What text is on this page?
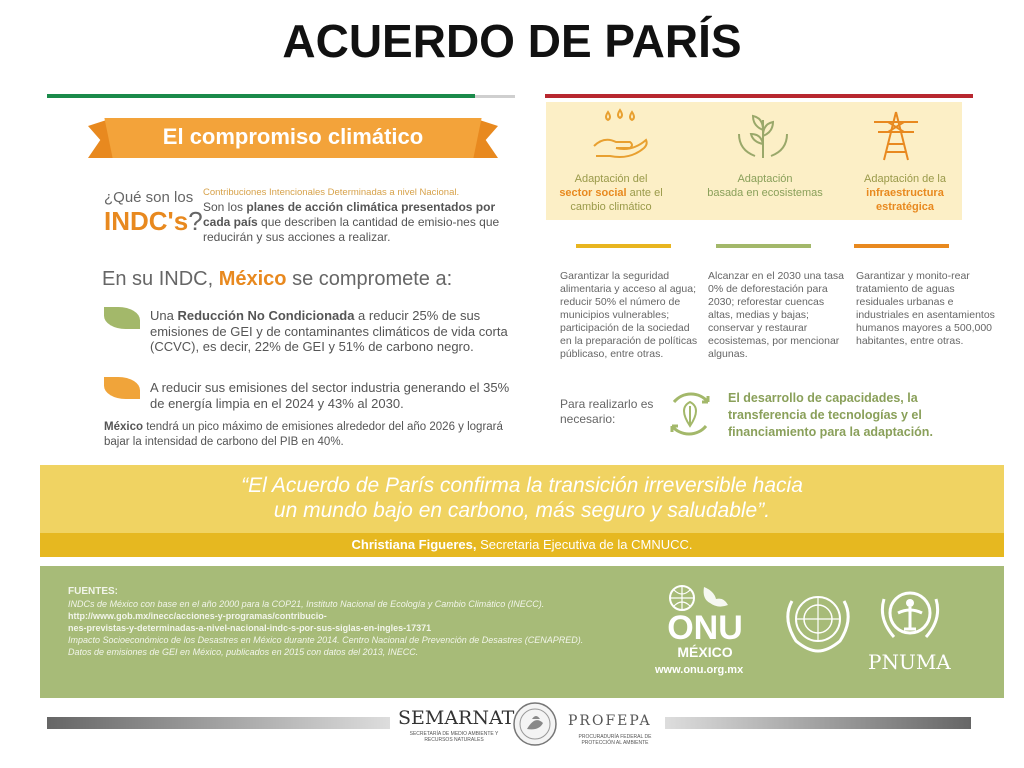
ACUERDO DE PARÍS
El compromiso climático
¿Qué son los
INDC's?
Contribuciones Intencionales Determinadas a nivel Nacional.
Son los planes de acción climática presentados por cada país que describen la cantidad de emisio-nes que reducirán y sus acciones a realizar.
En su INDC, México se compromete a:
Una Reducción No Condicionada a reducir 25% de sus emisiones de GEI y de contaminantes climáticos de vida corta (CCVC), es decir, 22% de GEI y 51% de carbono negro.
A reducir sus emisiones del sector industria generando el 35% de energía limpia en el 2024 y 43% al 2030.
México tendrá un pico máximo de emisiones alrededor del año 2026 y logrará bajar la intensidad de carbono del PIB en 40%.
Adaptación del
sector social ante el cambio climático
Adaptación
basada en ecosistemas
Adaptación de la
infraestructura estratégica
Garantizar la seguridad alimentaria y acceso al agua; reducir 50% el número de municipios vulnerables; participación de la sociedad en la preparación de políticas públicaso, entre otras.
Alcanzar en el 2030 una tasa 0% de deforestación para 2030; reforestar cuencas altas, medias y bajas; conservar y restaurar ecosistemas, por mencionar algunas.
Garantizar y monito-rear tratamiento de aguas residuales urbanas e industriales en asentamientos humanos mayores a 500,000 habitantes, entre otras.
Para realizarlo es necesario:
El desarrollo de capacidades, la transferencia de tecnologías y el financiamiento para la adaptación.
“El Acuerdo de París confirma la transición irreversible hacia
un mundo bajo en carbono, más seguro y saludable”.
Christiana Figueres, Secretaria Ejecutiva de la CMNUCC.
FUENTES:
INDCs de México con base en el año 2000 para la COP21, Instituto Nacional de Ecología y Cambio Climático (INECC).
http://www.gob.mx/inecc/acciones-y-programas/contribucio-
nes-previstas-y-determinadas-a-nivel-nacional-indc-s-por-sus-siglas-en-ingles-17371
Impacto Socioeconómico de los Desastres en México durante 2014. Centro Nacional de Prevención de Desastres (CENAPRED).
Datos de emisiones de GEI en México, publicados en 2015 con datos del 2013, INECC.
ONU
MÉXICO
www.onu.org.mx	PNUMA
SEMARNAT
SECRETARÍA DE MEDIO AMBIENTE Y RECURSOS NATURALES
PROFEPA
PROCURADURÍA FEDERAL DE PROTECCIÓN AL AMBIENTE
